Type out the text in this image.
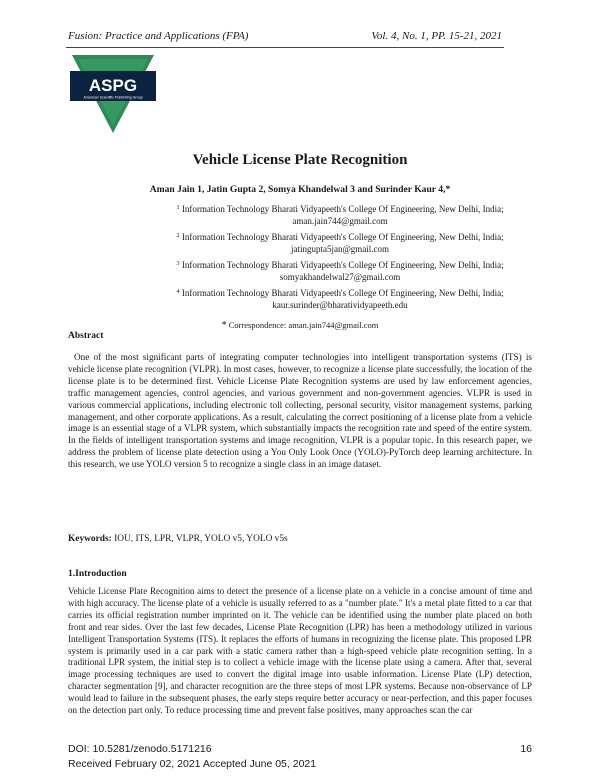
Fusion: Practice and Applications (FPA)	Vol. 4, No. 1, PP. 15-21, 2021
ASPG
American Scientific Publishing Group
Vehicle License Plate Recognition
Aman Jain 1, Jatin Gupta 2, Somya Khandelwal 3 and Surinder Kaur 4,*
$^1$ Information Technology Bharati Vidyapeeth's College Of Engineering, New Delhi, India;
aman.jain744@gmail.com
$^2$ Information Technology Bharati Vidyapeeth's College Of Engineering, New Delhi, India;
jatingupta5jan@gmail.com
$^3$ Information Technology Bharati Vidyapeeth's College Of Engineering, New Delhi, India;
somyakhandelwal27@gmail.com
$^4$ Information Technology Bharati Vidyapeeth's College Of Engineering, New Delhi, India;
kaur.surinder@bharatividyapeeth.edu
* Correspondence: aman.jain744@gmail.com
Abstract
One of the most significant parts of integrating computer technologies into intelligent transportation systems (ITS) is vehicle license plate recognition (VLPR). In most cases, however, to recognize a license plate successfully, the location of the license plate is to be determined first. Vehicle License Plate Recognition systems are used by law enforcement agencies, traffic management agencies, control agencies, and various government and non-government agencies. VLPR is used in various commercial applications, including electronic toll collecting, personal security, visitor management systems, parking management, and other corporate applications. As a result, calculating the correct positioning of a license plate from a vehicle image is an essential stage of a VLPR system, which substantially impacts the recognition rate and speed of the entire system. In the fields of intelligent transportation systems and image recognition, VLPR is a popular topic. In this research paper, we address the problem of license plate detection using a You Only Look Once (YOLO)-PyTorch deep learning architecture. In this research, we use YOLO version 5 to recognize a single class in an image dataset.
Keywords: IOU, ITS, LPR, VLPR, YOLO v5, YOLO v5s
1.Introduction
Vehicle License Plate Recognition aims to detect the presence of a license plate on a vehicle in a concise amount of time and with high accuracy. The license plate of a vehicle is usually referred to as a "number plate." It's a metal plate fitted to a car that carries its official registration number imprinted on it. The vehicle can be identified using the number plate placed on both front and rear sides. Over the last few decades, License Plate Recognition (LPR) has been a methodology utilized in various Intelligent Transportation Systems (ITS). It replaces the efforts of humans in recognizing the license plate. This proposed LPR system is primarily used in a car park with a static camera rather than a high-speed vehicle plate recognition setting. In a traditional LPR system, the initial step is to collect a vehicle image with the license plate using a camera. After that, several image processing techniques are used to convert the digital image into usable information. License Plate (LP) detection, character segmentation [9], and character recognition are the three steps of most LPR systems. Because non-observance of LP would lead to failure in the subsequent phases, the early steps require better accuracy or near-perfection, and this paper focuses on the detection part only. To reduce processing time and prevent false positives, many approaches scan the car
DOI: 10.5281/zenodo.5171216
Received February 02, 2021 Accepted June 05, 2021
16
